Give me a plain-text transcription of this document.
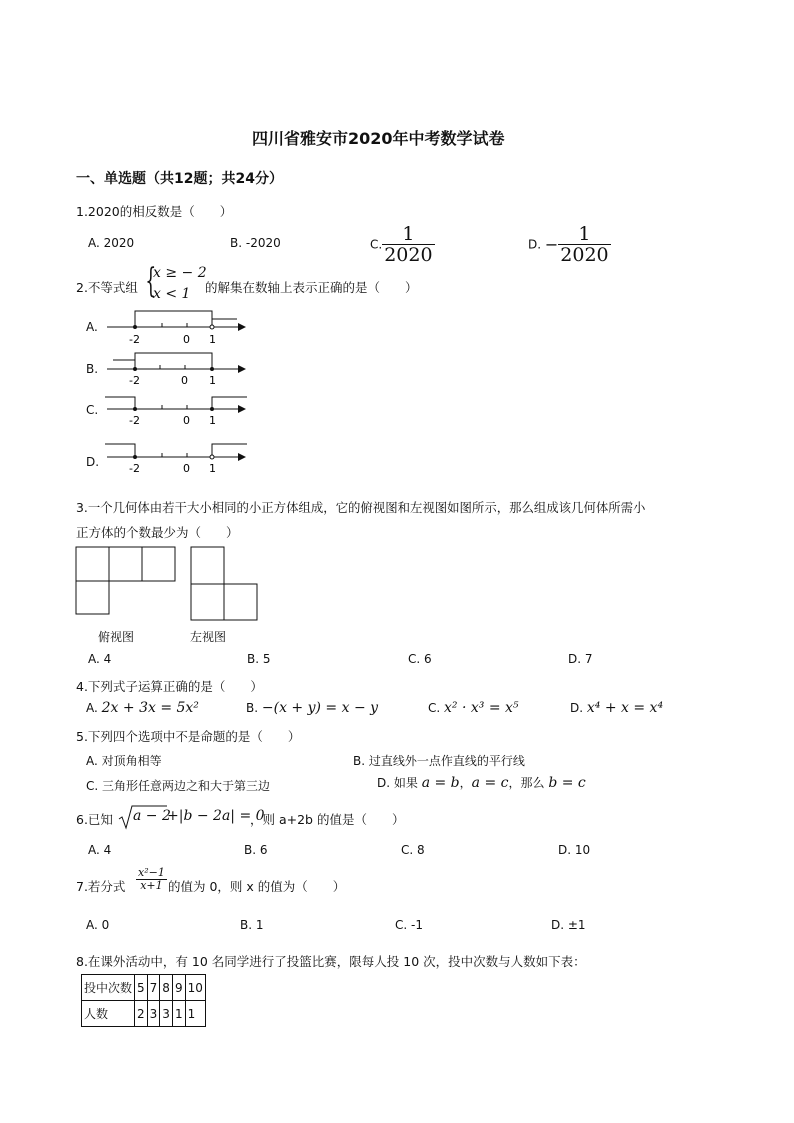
四川省雅安市2020年中考数学试卷
一、单选题（共12题；共24分）
1.2020的相反数是（　　）
A. 2020	B. -2020	C. $\frac{1}{2020}$	D. − $\frac{1}{2020}$
2.不等式组 {
x ≥ − 2
x < 1 的解集在数轴上表示正确的是（　　）
A.
B.
C.
D.
-2	0 1
-2	0 1
-2	0 1
-2	0 1
3.一个几何体由若干大小相同的小正方体组成，它的俯视图和左视图如图所示，那么组成该几何体所需小
正方体的个数最少为（　　）
俯视图	左视图
A. 4	B. 5	C. 6	D. 7
4.下列式子运算正确的是（　　）
A. 2x + 3x = 5x²	B. −(x + y) = x − y	C. x² · x³ = x⁵	D. x⁴ + x = x⁴
5.下列四个选项中不是命题的是（　　）
A. 对顶角相等	B. 过直线外一点作直线的平行线
C. 三角形任意两边之和大于第三边	D. 如果 a = b，a = c，那么 b = c
6.已知 a − 2
+|b − 2a| = 0
，则 a+2b 的值是（　　）
A. 4	B. 6	C. 8	D. 10
7.若分式 $\frac{\text{x²−1}}{x+1}$ 的值为 0，则 x 的值为（　　）
A. 0	B. 1	C. -1	D. ±1
8.在课外活动中，有 10 名同学进行了投篮比赛，限每人投 10 次，投中次数与人数如下表：
投中次数	5	7	8	9	10
人数	2	3	3	1	1
